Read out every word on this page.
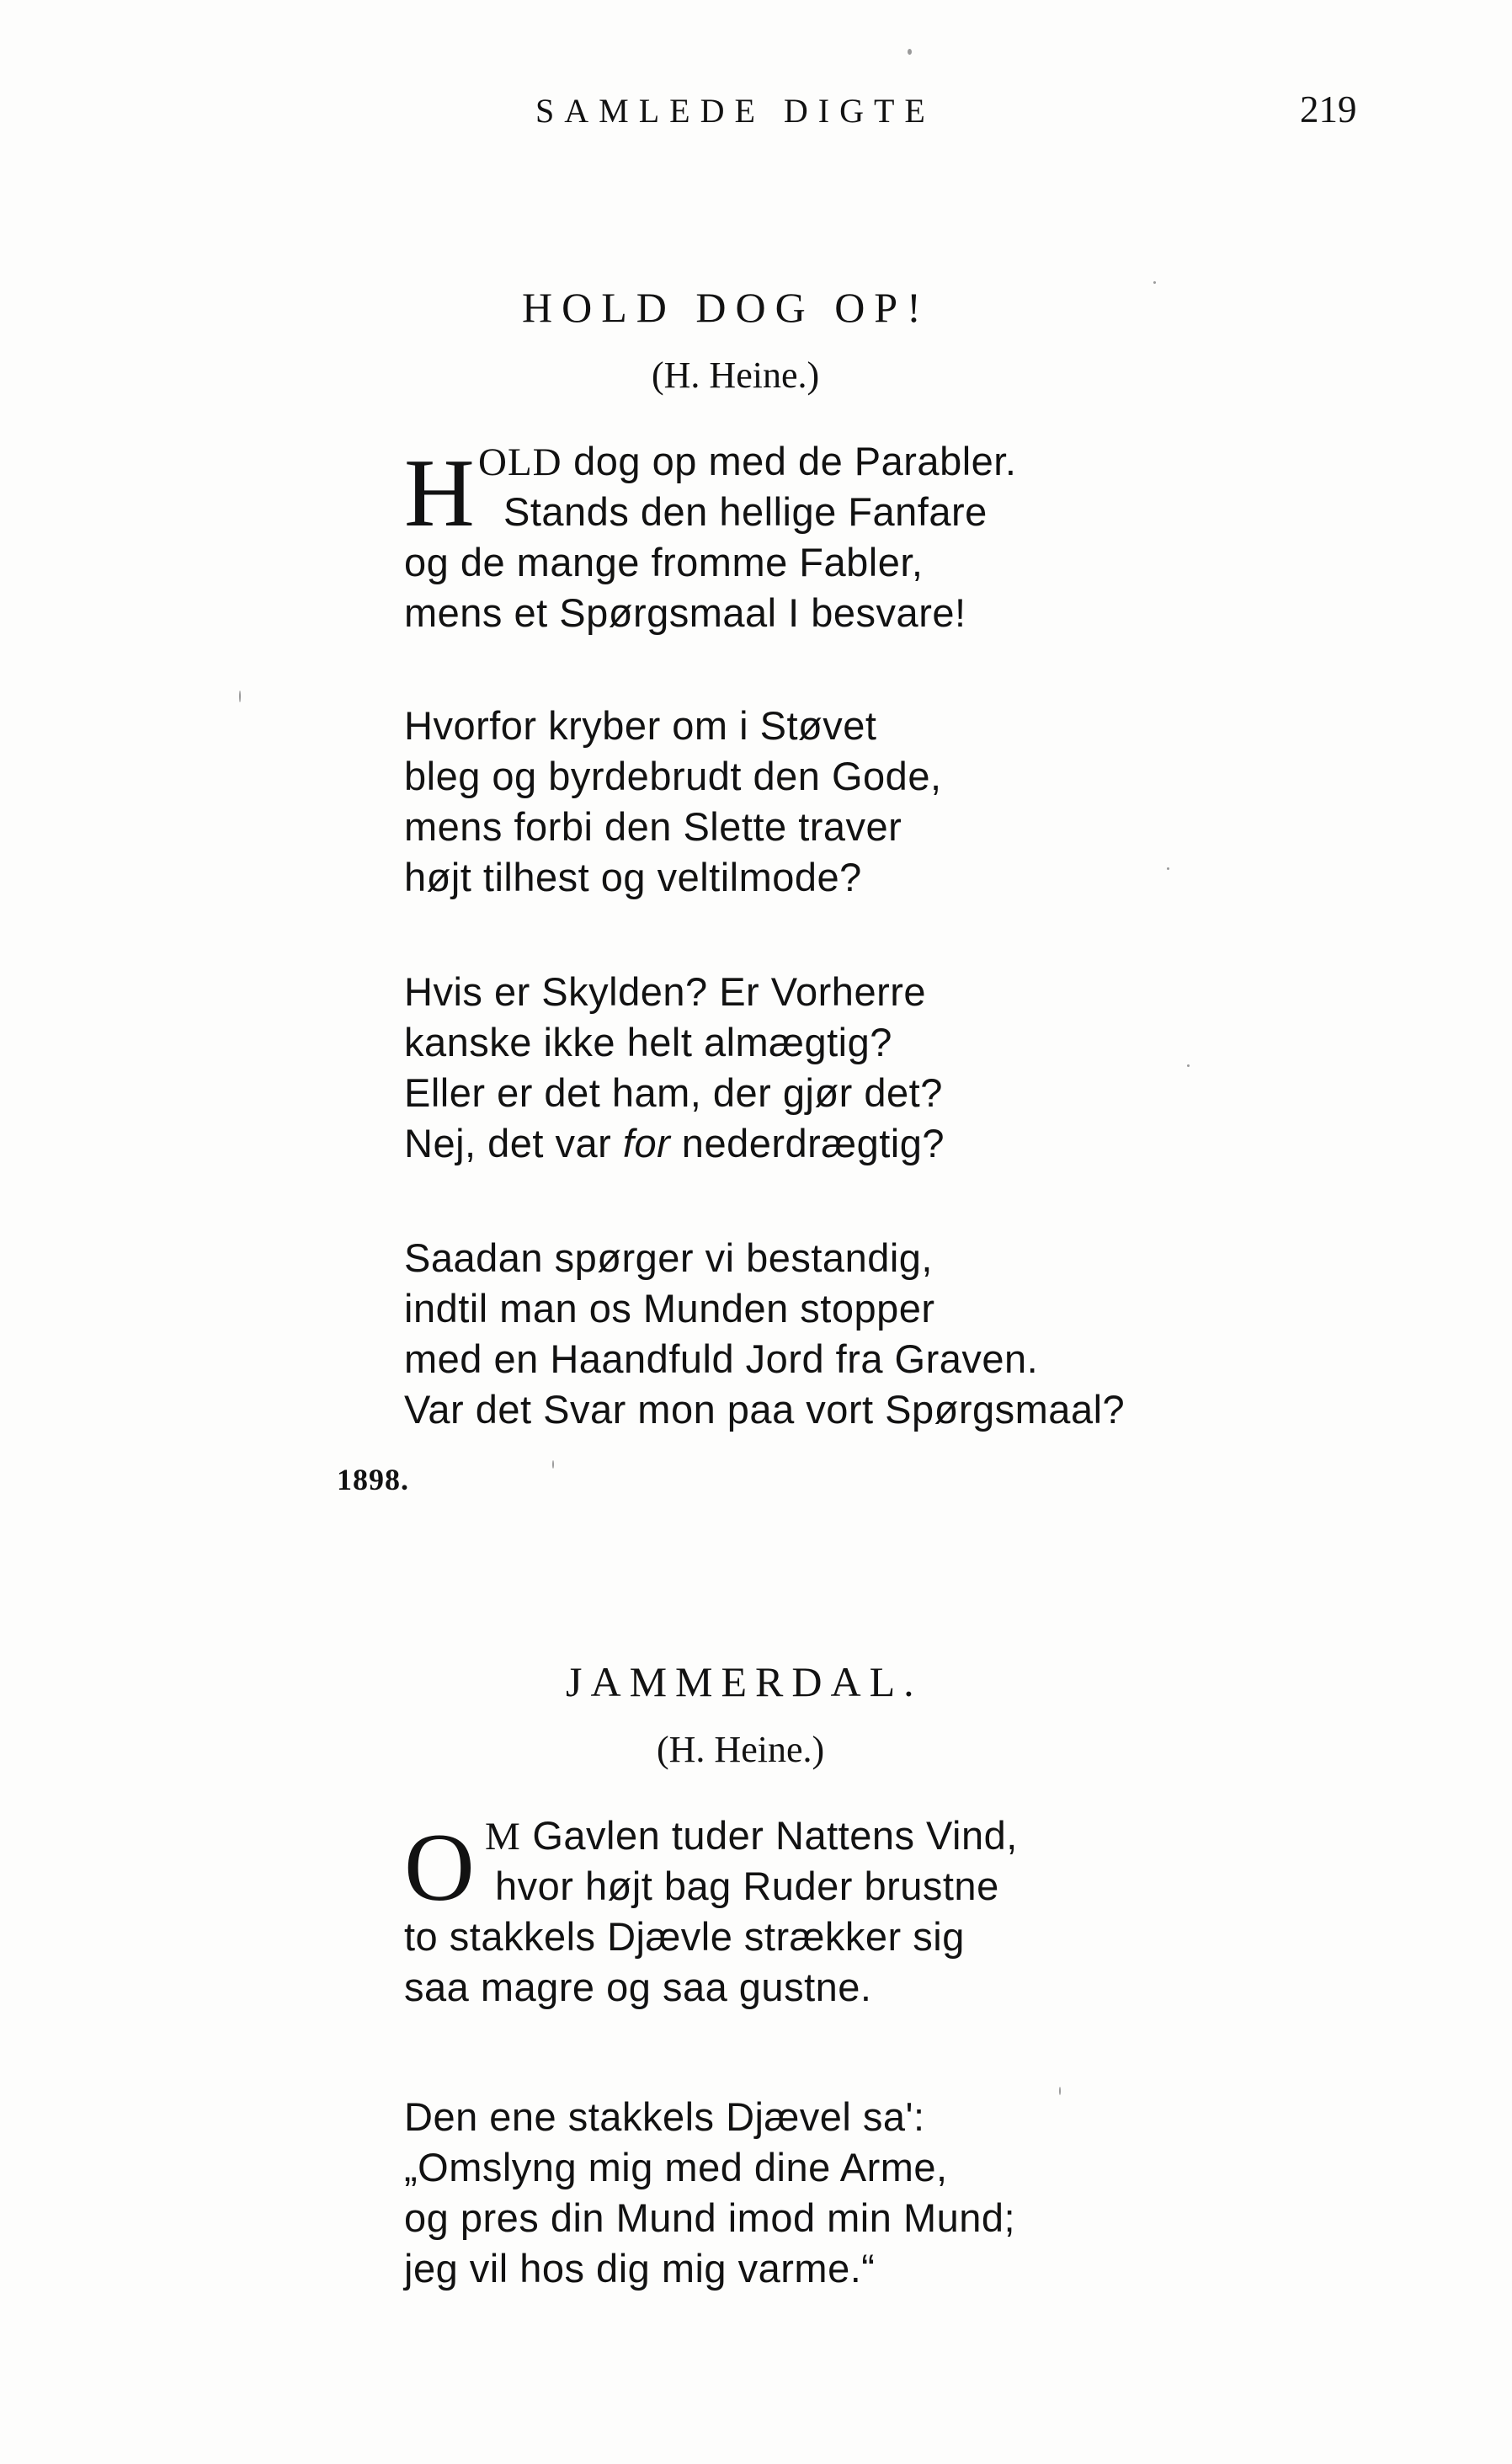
SAMLEDE DIGTE	219
HOLD DOG OP!
(H. Heine.)
H OLD dog op med de Parabler.
Stands den hellige Fanfare
og de mange fromme Fabler,
mens et Spørgsmaal I besvare!
Hvorfor kryber om i Støvet
bleg og byrdebrudt den Gode,
mens forbi den Slette traver
højt tilhest og veltilmode?
Hvis er Skylden? Er Vorherre
kanske ikke helt almægtig?
Eller er det ham, der gjør det?
Nej, det var for nederdrægtig?
Saadan spørger vi bestandig,
indtil man os Munden stopper
med en Haandfuld Jord fra Graven.
Var det Svar mon paa vort Spørgsmaal?
1898.
JAMMERDAL.
(H. Heine.)
O M Gavlen tuder Nattens Vind,
hvor højt bag Ruder brustne
to stakkels Djævle strækker sig
saa magre og saa gustne.
Den ene stakkels Djævel sa':
„Omslyng mig med dine Arme,
og pres din Mund imod min Mund;
jeg vil hos dig mig varme.“
